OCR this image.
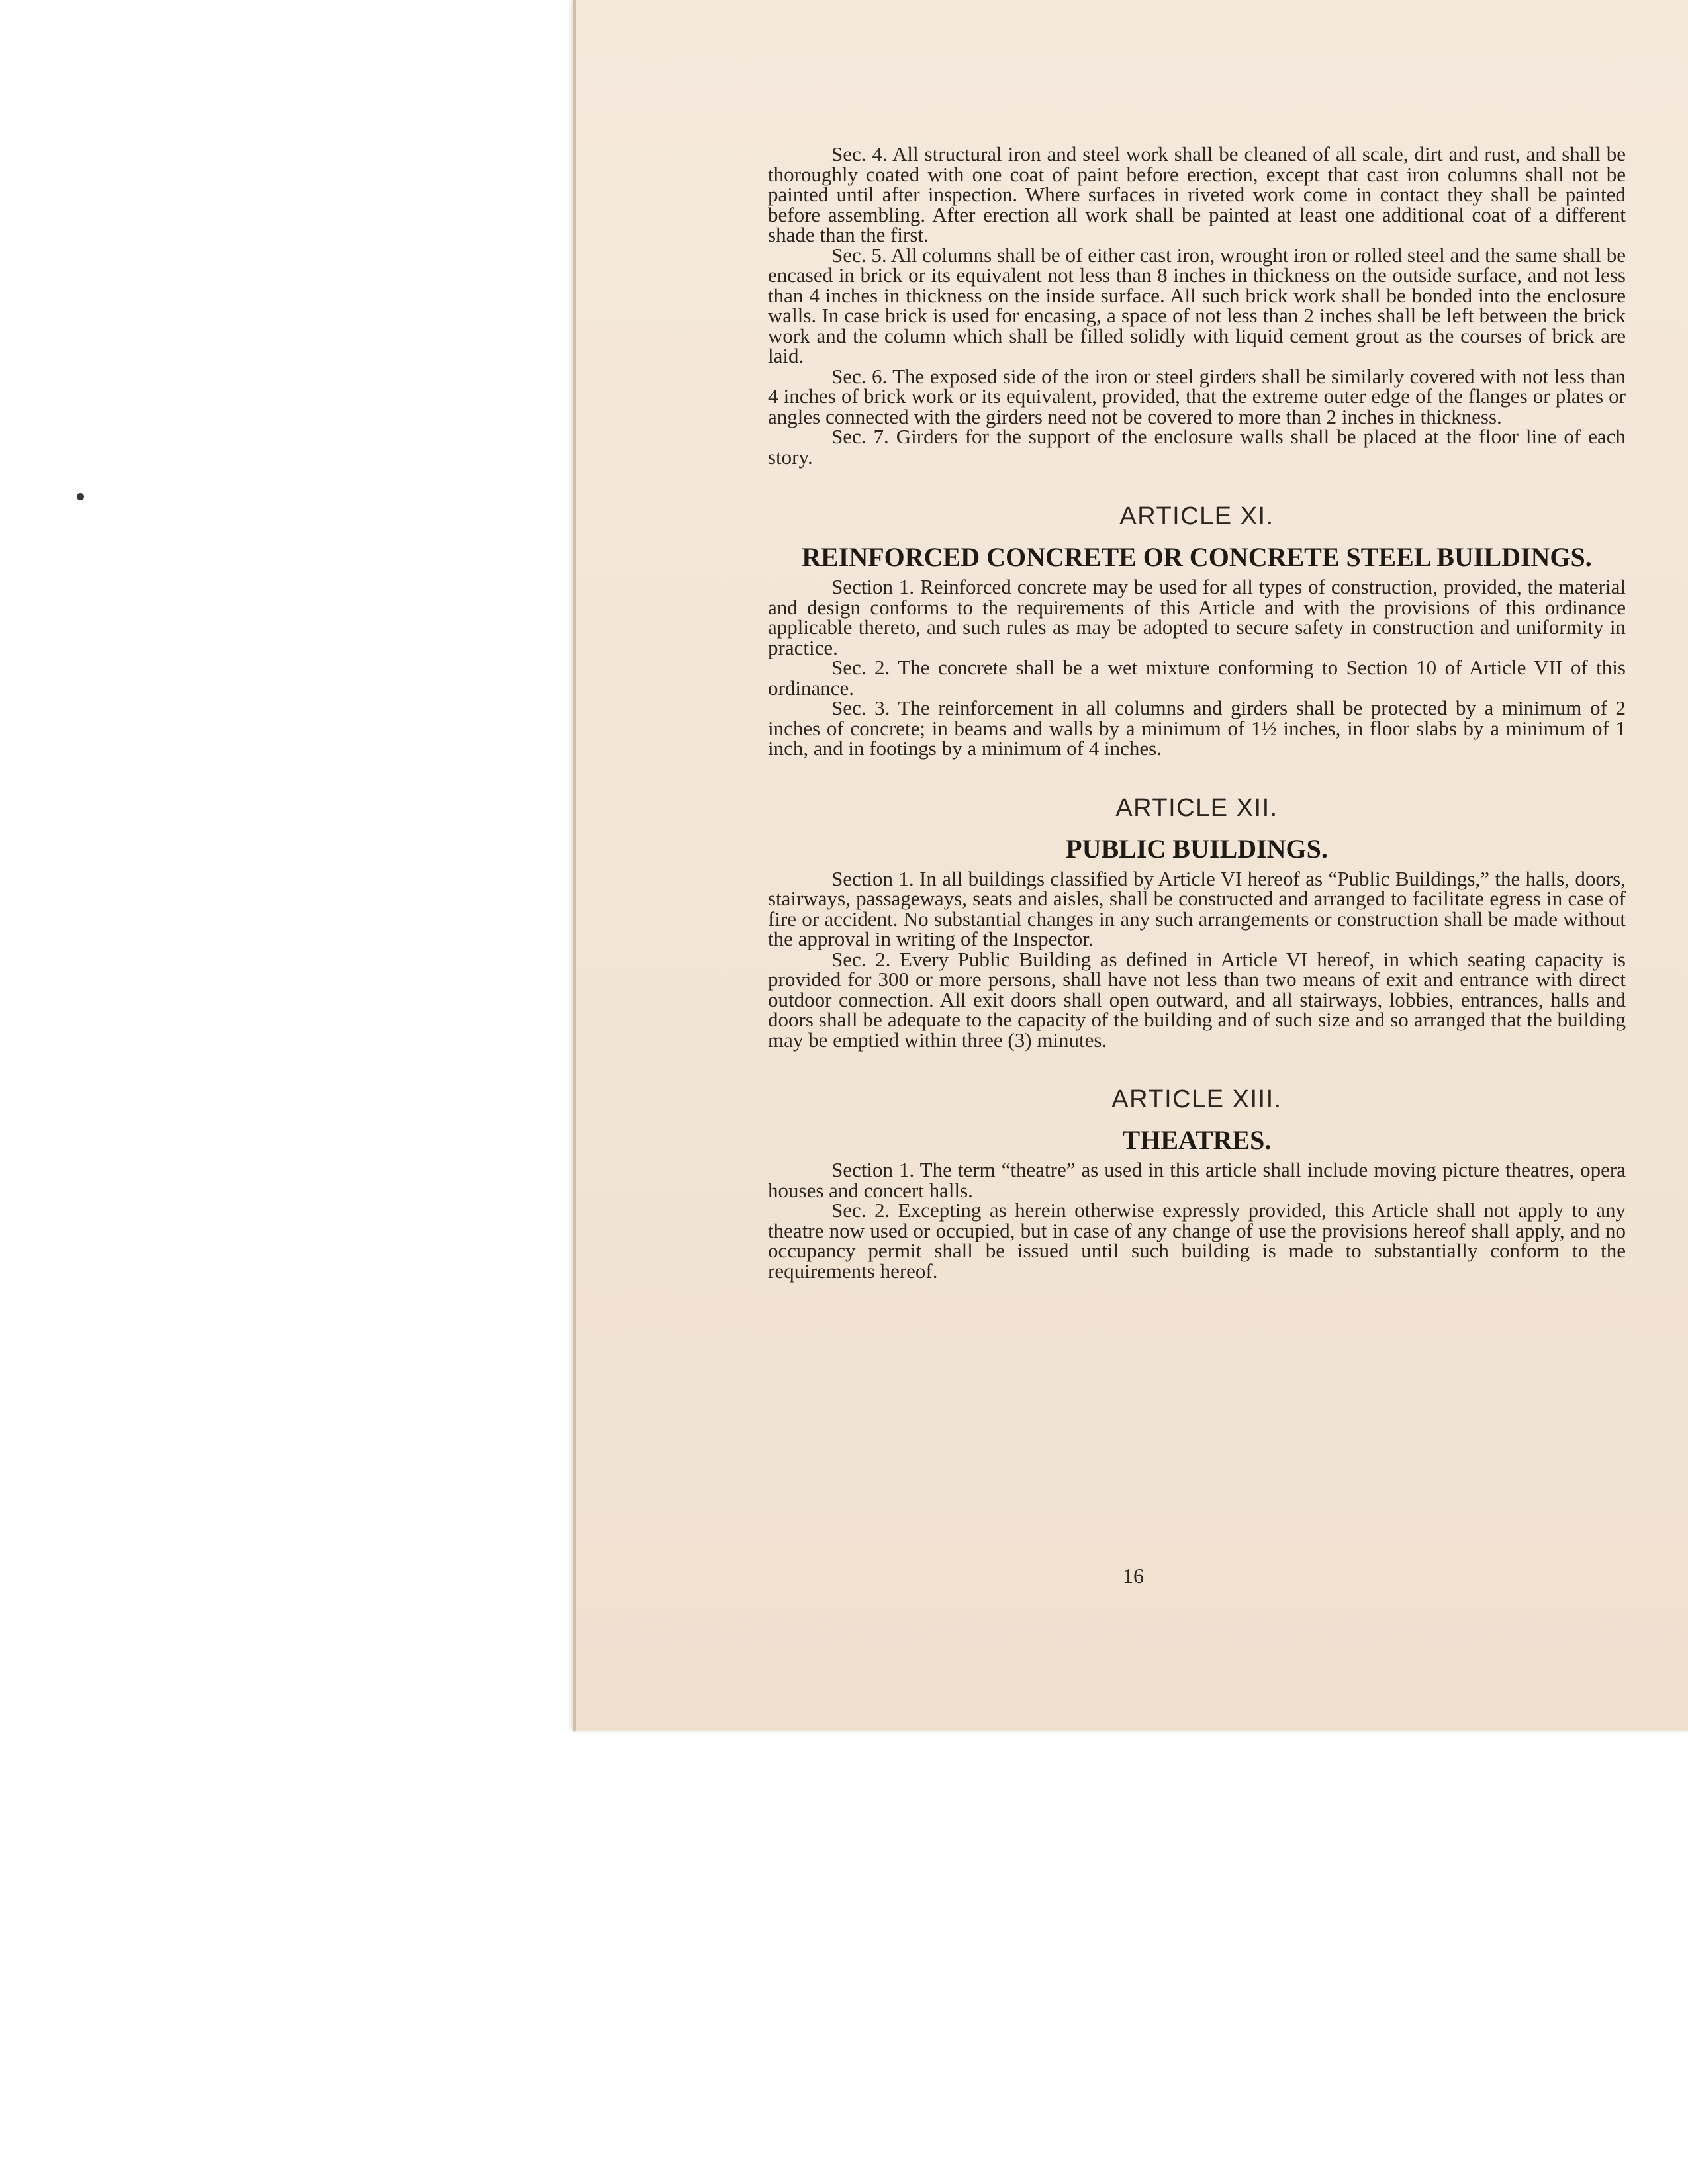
Sec. 4. All structural iron and steel work shall be cleaned of all scale, dirt and rust, and shall be thoroughly coated with one coat of paint before erection, except that cast iron columns shall not be painted until after inspection. Where surfaces in riveted work come in contact they shall be painted before assembling. After erection all work shall be painted at least one additional coat of a different shade than the first.

Sec. 5. All columns shall be of either cast iron, wrought iron or rolled steel and the same shall be encased in brick or its equivalent not less than 8 inches in thickness on the outside surface, and not less than 4 inches in thickness on the inside surface. All such brick work shall be bonded into the enclosure walls. In case brick is used for encasing, a space of not less than 2 inches shall be left between the brick work and the column which shall be filled solidly with liquid cement grout as the courses of brick are laid.

Sec. 6. The exposed side of the iron or steel girders shall be similarly covered with not less than 4 inches of brick work or its equivalent, provided, that the extreme outer edge of the flanges or plates or angles connected with the girders need not be covered to more than 2 inches in thickness.

Sec. 7. Girders for the support of the enclosure walls shall be placed at the floor line of each story.

ARTICLE XI.
REINFORCED CONCRETE OR CONCRETE STEEL BUILDINGS.

Section 1. Reinforced concrete may be used for all types of construction, provided, the material and design conforms to the requirements of this Article and with the provisions of this ordinance applicable thereto, and such rules as may be adopted to secure safety in construction and uniformity in practice.

Sec. 2. The concrete shall be a wet mixture conforming to Section 10 of Article VII of this ordinance.

Sec. 3. The reinforcement in all columns and girders shall be protected by a minimum of 2 inches of concrete; in beams and walls by a minimum of 1½ inches, in floor slabs by a minimum of 1 inch, and in footings by a minimum of 4 inches.

ARTICLE XII.
PUBLIC BUILDINGS.

Section 1. In all buildings classified by Article VI hereof as “Public Buildings,” the halls, doors, stairways, passageways, seats and aisles, shall be constructed and arranged to facilitate egress in case of fire or accident. No substantial changes in any such arrangements or construction shall be made without the approval in writing of the Inspector.

Sec. 2. Every Public Building as defined in Article VI hereof, in which seating capacity is provided for 300 or more persons, shall have not less than two means of exit and entrance with direct outdoor connection. All exit doors shall open outward, and all stairways, lobbies, entrances, halls and doors shall be adequate to the capacity of the building and of such size and so arranged that the building may be emptied within three (3) minutes.

ARTICLE XIII.
THEATRES.

Section 1. The term “theatre” as used in this article shall include moving picture theatres, opera houses and concert halls.

Sec. 2. Excepting as herein otherwise expressly provided, this Article shall not apply to any theatre now used or occupied, but in case of any change of use the provisions hereof shall apply, and no occupancy permit shall be issued until such building is made to substantially conform to the requirements hereof.

16
